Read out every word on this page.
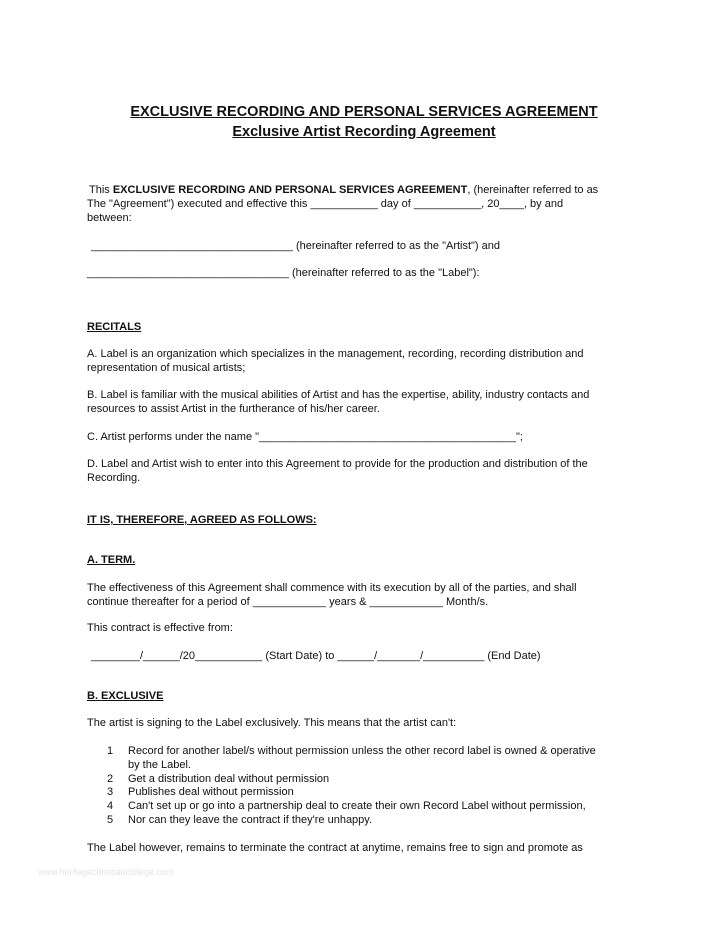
EXCLUSIVE RECORDING AND PERSONAL SERVICES AGREEMENT
Exclusive Artist Recording Agreement
This EXCLUSIVE RECORDING AND PERSONAL SERVICES AGREEMENT, (hereinafter referred to as
The "Agreement") executed and effective this ___________ day of ___________, 20____, by and
between:
_________________________________ (hereinafter referred to as the "Artist") and
_________________________________ (hereinafter referred to as the "Label"):
RECITALS
A. Label is an organization which specializes in the management, recording, recording distribution and
representation of musical artists;
B. Label is familiar with the musical abilities of Artist and has the expertise, ability, industry contacts and
resources to assist Artist in the furtherance of his/her career.
C. Artist performs under the name "__________________________________________";
D. Label and Artist wish to enter into this Agreement to provide for the production and distribution of the
Recording.
IT IS, THEREFORE, AGREED AS FOLLOWS:
A. TERM.
The effectiveness of this Agreement shall commence with its execution by all of the parties, and shall
continue thereafter for a period of ____________ years & ____________ Month/s.
This contract is effective from:
________/______/20___________ (Start Date) to ______/_______/__________ (End Date)
B. EXCLUSIVE
The artist is signing to the Label exclusively. This means that the artist can't:
1 Record for another label/s without permission unless the other record label is owned & operative
by the Label.
2 Get a distribution deal without permission
3 Publishes deal without permission
4 Can't set up or go into a partnership deal to create their own Record Label without permission,
5 Nor can they leave the contract if they're unhappy.
The Label however, remains to terminate the contract at anytime, remains free to sign and promote as
www.heritagechristiancollege.com
